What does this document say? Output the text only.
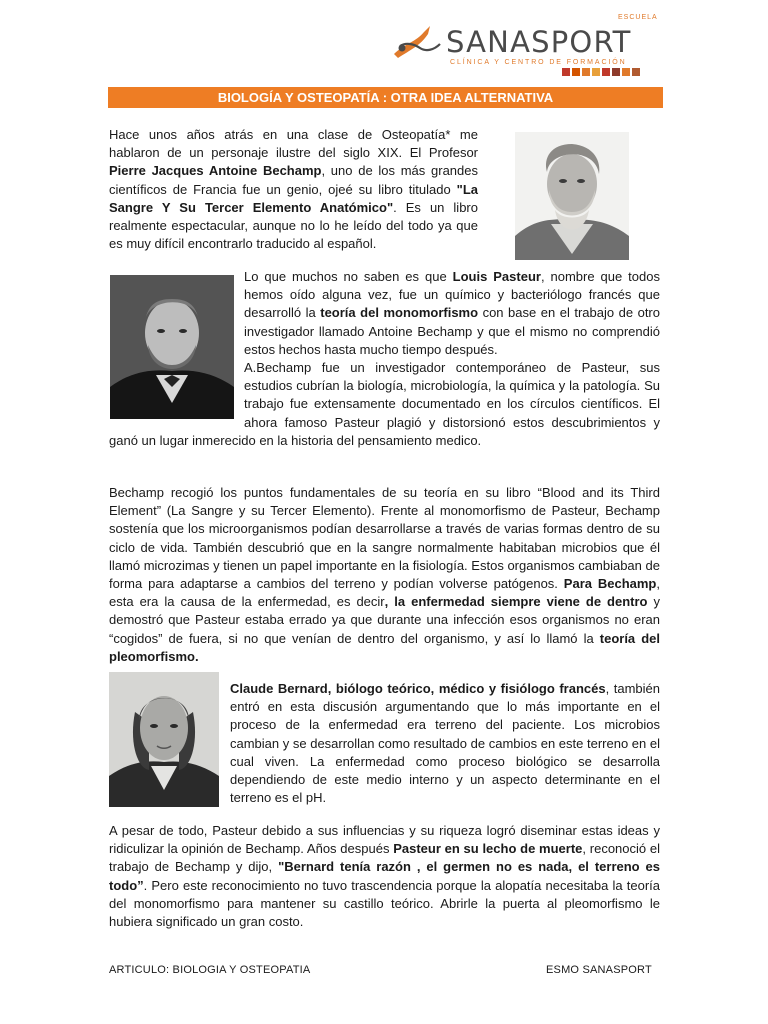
ESCUELA
SANASPORT
CLÍNICA Y CENTRO DE FORMACIÓN
BIOLOGÍA Y OSTEOPATÍA : OTRA IDEA ALTERNATIVA

Hace unos años atrás en una clase de Osteopatía* me hablaron de un personaje ilustre del siglo XIX. El Profesor Pierre Jacques Antoine Bechamp, uno de los más grandes científicos de Francia fue un genio, ojeé su libro titulado "La Sangre Y Su Tercer Elemento Anatómico". Es un libro realmente espectacular, aunque no lo he leído del todo ya que es muy difícil encontrarlo traducido al español.

Lo que muchos no saben es que Louis Pasteur, nombre que todos hemos oído alguna vez, fue un químico y bacteriólogo francés que desarrolló la teoría del monomorfismo con base en el trabajo de otro investigador llamado Antoine Bechamp y que el mismo no comprendió estos hechos hasta mucho tiempo después.

A.Bechamp fue un investigador contemporáneo de Pasteur, sus estudios cubrían la biología, microbiología, la química y la patología. Su trabajo fue extensamente documentado en los círculos científicos. El ahora famoso Pasteur plagió y distorsionó estos descubrimientos y ganó un lugar inmerecido en la historia del pensamiento medico.

Bechamp recogió los puntos fundamentales de su teoría en su libro “Blood and its Third Element” (La Sangre y su Tercer Elemento). Frente al monomorfismo de Pasteur, Bechamp sostenía que los microorganismos podían desarrollarse a través de varias formas dentro de su ciclo de vida. También descubrió que en la sangre normalmente habitaban microbios que él llamó microzimas y tienen un papel importante en la fisiología. Estos organismos cambiaban de forma para adaptarse a cambios del terreno y podían volverse patógenos. Para Bechamp, esta era la causa de la enfermedad, es decir, la enfermedad siempre viene de dentro y demostró que Pasteur estaba errado ya que durante una infección esos organismos no eran “cogidos” de fuera, si no que venían de dentro del organismo, y así lo llamó la teoría del pleomorfismo.

Claude Bernard, biólogo teórico, médico y fisiólogo francés, también entró en esta discusión argumentando que lo más importante en el proceso de la enfermedad era terreno del paciente. Los microbios cambian y se desarrollan como resultado de cambios en este terreno en el cual viven. La enfermedad como proceso biológico se desarrolla dependiendo de este medio interno y un aspecto determinante en el terreno es el pH.

A pesar de todo, Pasteur debido a sus influencias y su riqueza logró diseminar estas ideas y ridiculizar la opinión de Bechamp. Años después Pasteur en su lecho de muerte, reconoció el trabajo de Bechamp y dijo, "Bernard tenía razón , el germen no es nada, el terreno es todo”. Pero este reconocimiento no tuvo trascendencia porque la alopatía necesitaba la teoría del monomorfismo para mantener su castillo teórico. Abrirle la puerta al pleomorfismo le hubiera significado un gran costo.

ARTICULO: BIOLOGIA Y OSTEOPATIA	ESMO SANASPORT
